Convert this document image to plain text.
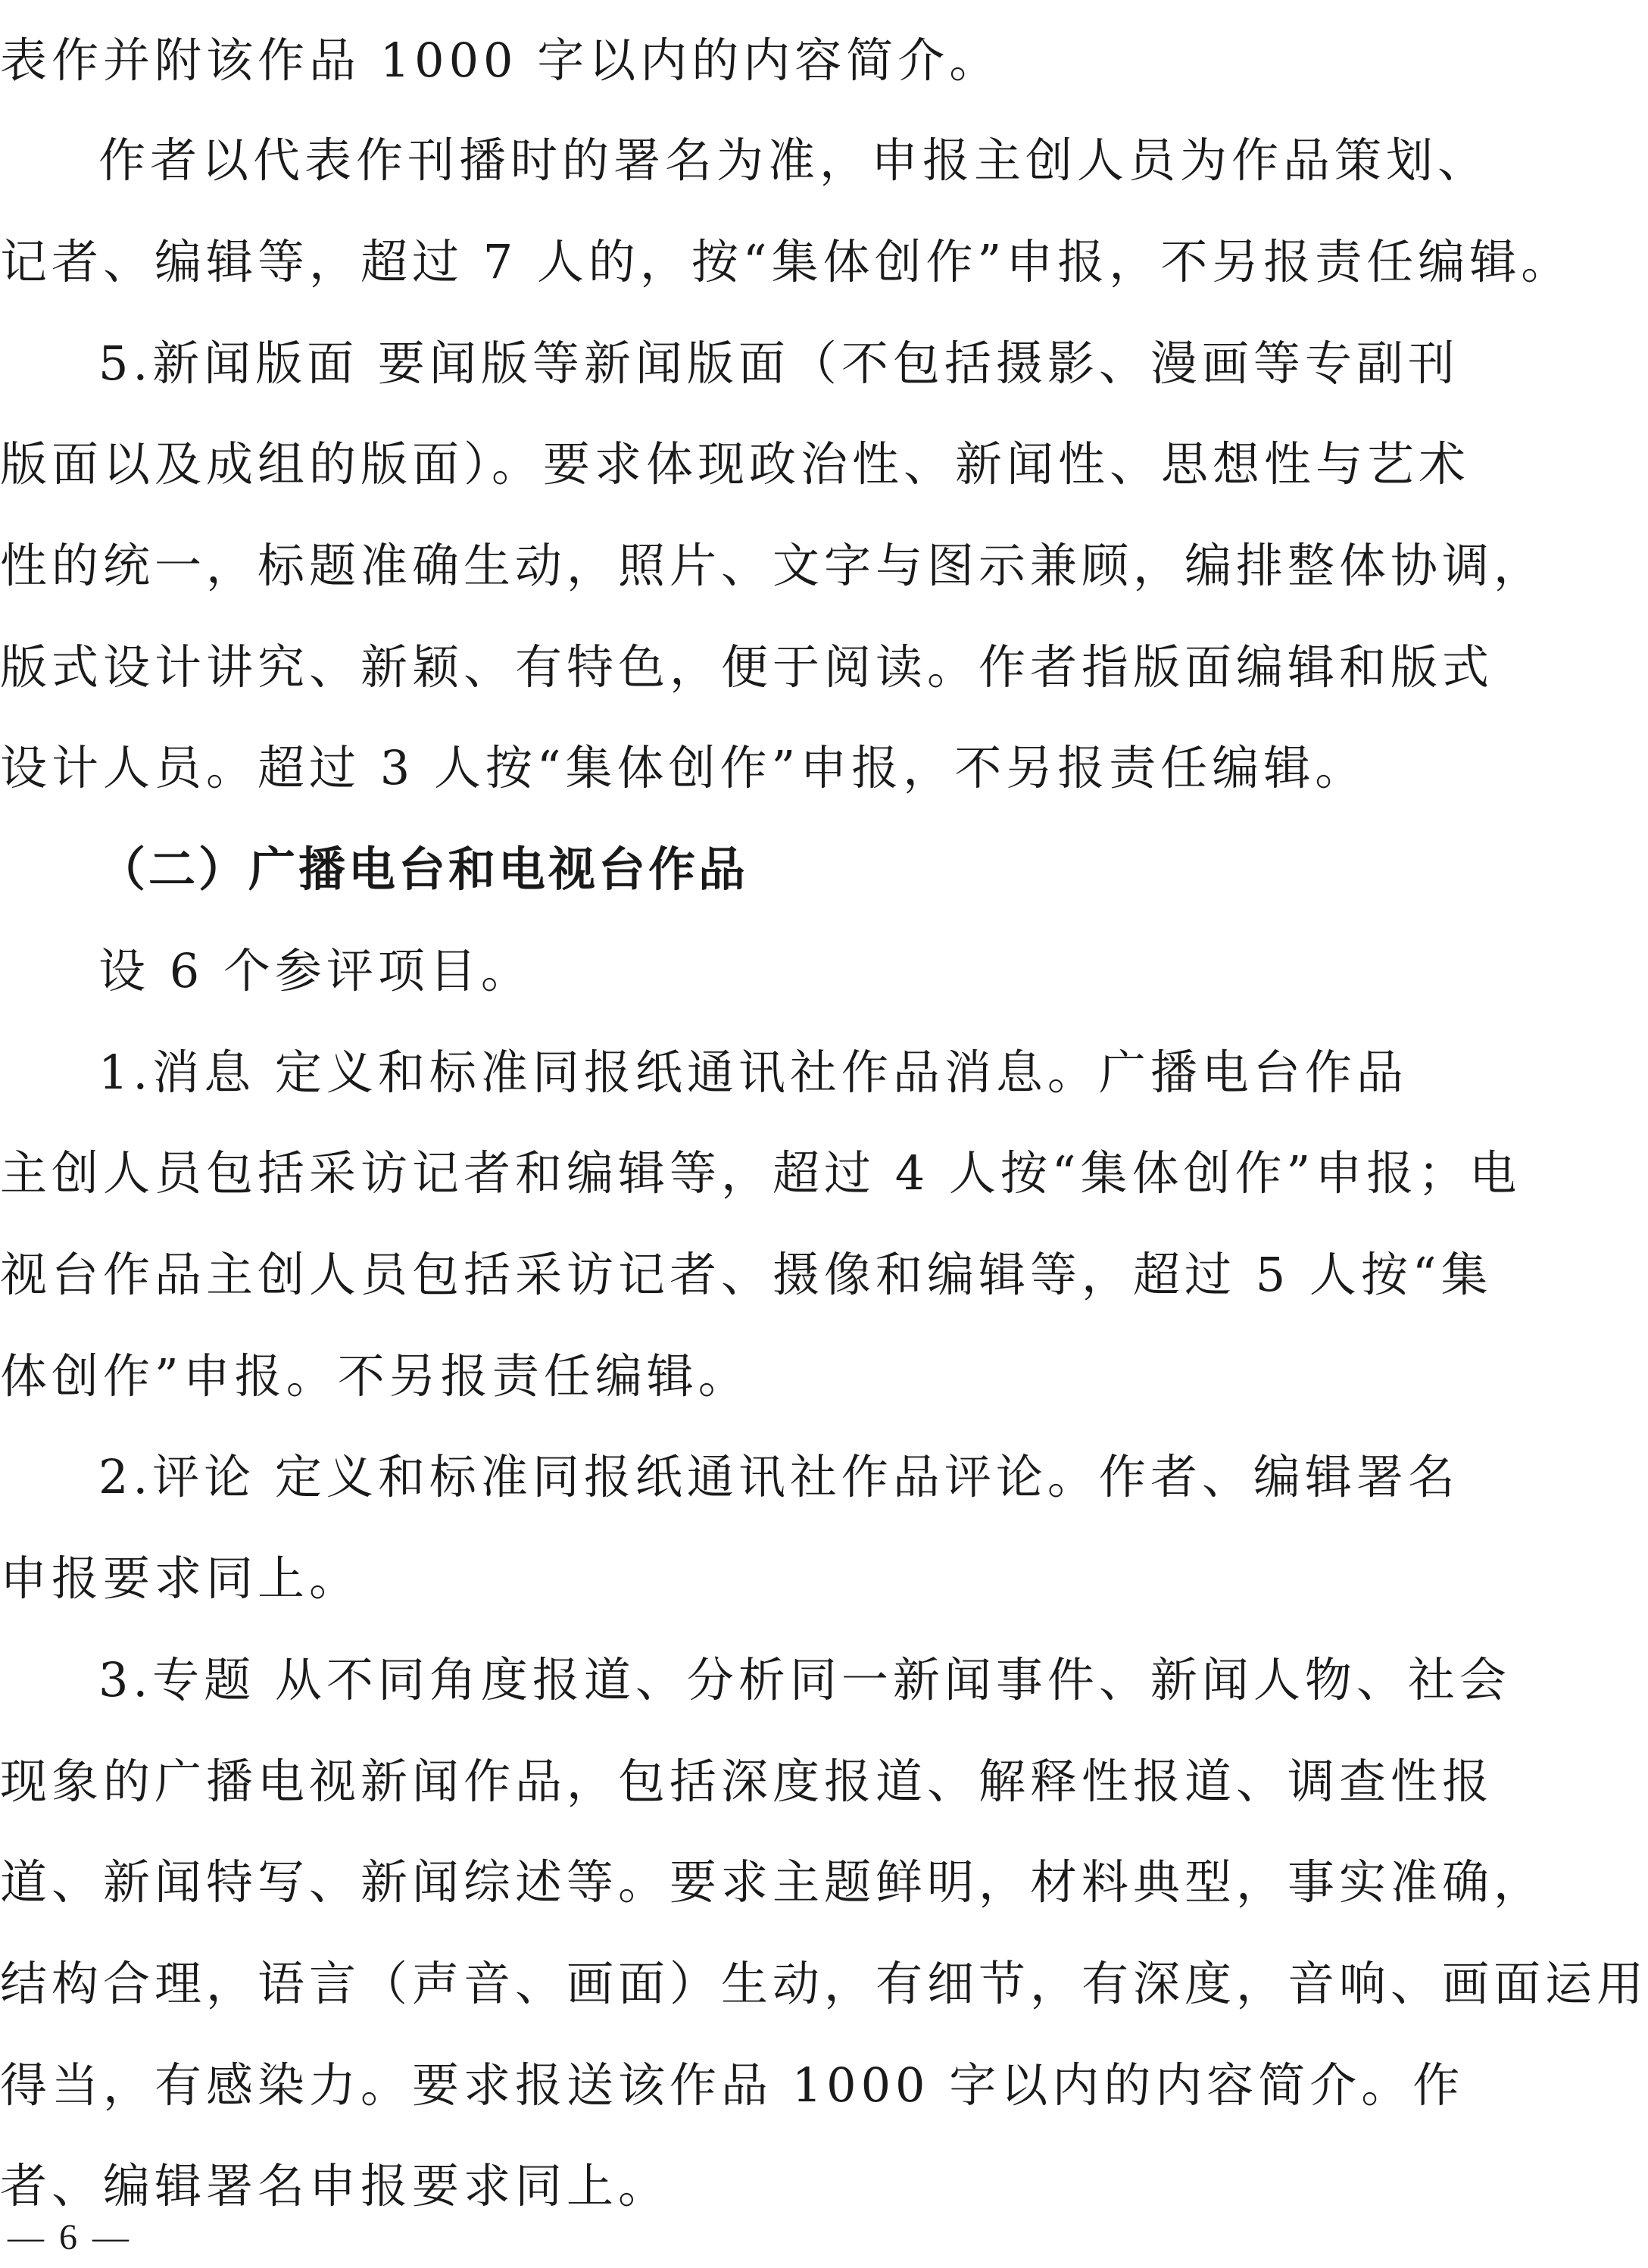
表作并附该作品 1000 字以内的内容简介。
作者以代表作刊播时的署名为准，申报主创人员为作品策划、
记者、编辑等，超过 7 人的，按“集体创作”申报，不另报责任编辑。
5.新闻版面 要闻版等新闻版面（不包括摄影、漫画等专副刊
版面以及成组的版面）。要求体现政治性、新闻性、思想性与艺术
性的统一，标题准确生动，照片、文字与图示兼顾，编排整体协调，
版式设计讲究、新颖、有特色，便于阅读。作者指版面编辑和版式
设计人员。超过 3 人按“集体创作”申报，不另报责任编辑。
（二）广播电台和电视台作品
设 6 个参评项目。
1.消息 定义和标准同报纸通讯社作品消息。广播电台作品
主创人员包括采访记者和编辑等，超过 4 人按“集体创作”申报；电
视台作品主创人员包括采访记者、摄像和编辑等，超过 5 人按“集
体创作”申报。不另报责任编辑。
2.评论 定义和标准同报纸通讯社作品评论。作者、编辑署名
申报要求同上。
3.专题 从不同角度报道、分析同一新闻事件、新闻人物、社会
现象的广播电视新闻作品，包括深度报道、解释性报道、调查性报
道、新闻特写、新闻综述等。要求主题鲜明，材料典型，事实准确，
结构合理，语言（声音、画面）生动，有细节，有深度，音响、画面运用
得当，有感染力。要求报送该作品 1000 字以内的内容简介。作
者、编辑署名申报要求同上。
— 6 —
